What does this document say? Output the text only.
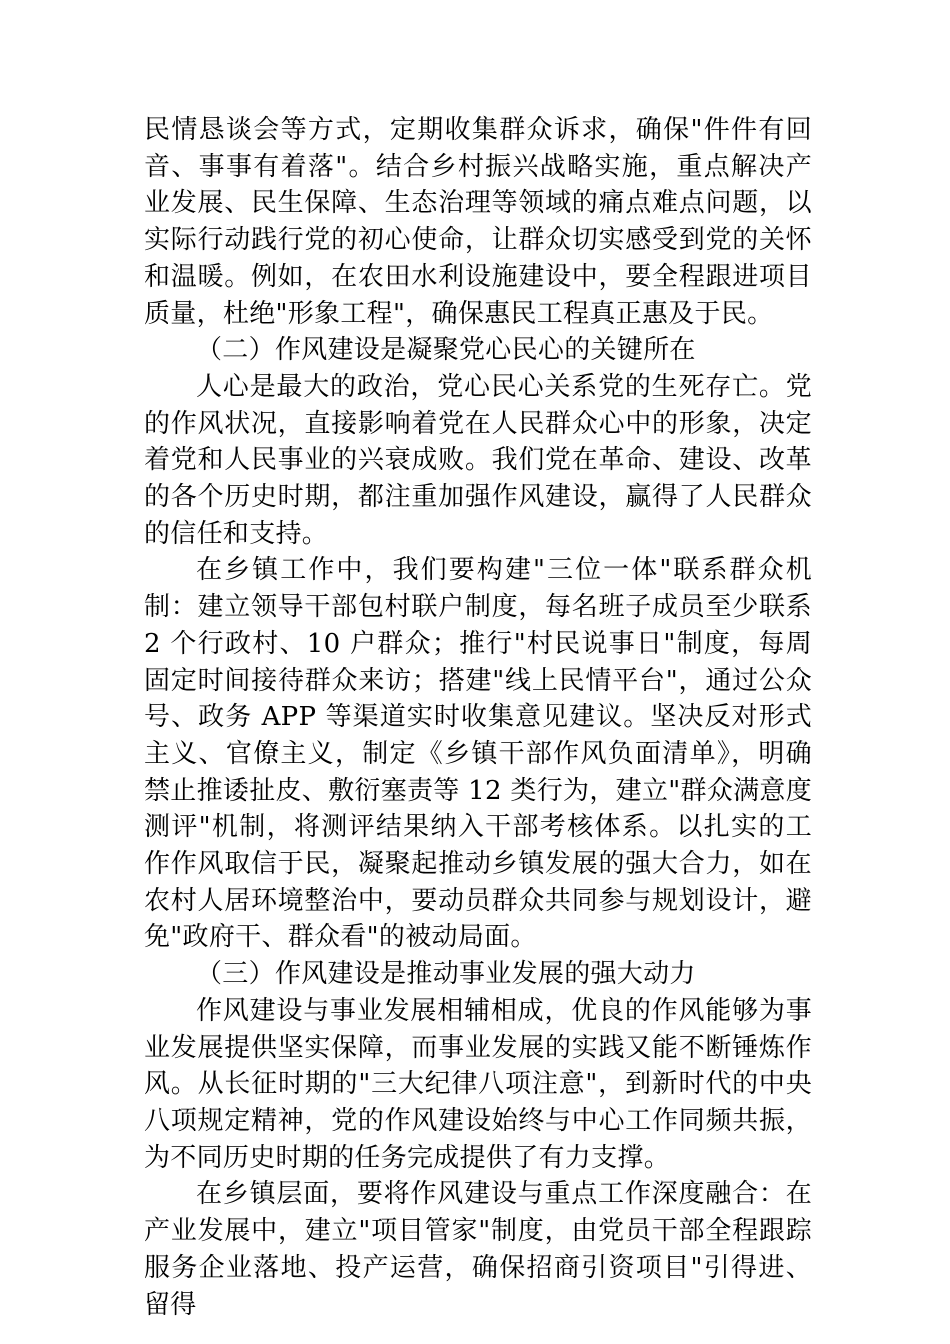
民情恳谈会等方式，定期收集群众诉求，确保"件件有回音、事事有着落"。结合乡村振兴战略实施，重点解决产业发展、民生保障、生态治理等领域的痛点难点问题，以实际行动践行党的初心使命，让群众切实感受到党的关怀和温暖。例如，在农田水利设施建设中，要全程跟进项目质量，杜绝"形象工程"，确保惠民工程真正惠及于民。

（二）作风建设是凝聚党心民心的关键所在

人心是最大的政治，党心民心关系党的生死存亡。党的作风状况，直接影响着党在人民群众心中的形象，决定着党和人民事业的兴衰成败。我们党在革命、建设、改革的各个历史时期，都注重加强作风建设，赢得了人民群众的信任和支持。

在乡镇工作中，我们要构建"三位一体"联系群众机制：建立领导干部包村联户制度，每名班子成员至少联系 2 个行政村、10 户群众；推行"村民说事日"制度，每周固定时间接待群众来访；搭建"线上民情平台"，通过公众号、政务 APP 等渠道实时收集意见建议。坚决反对形式主义、官僚主义，制定《乡镇干部作风负面清单》，明确禁止推诿扯皮、敷衍塞责等 12 类行为，建立"群众满意度测评"机制，将测评结果纳入干部考核体系。以扎实的工作作风取信于民，凝聚起推动乡镇发展的强大合力，如在农村人居环境整治中，要动员群众共同参与规划设计，避免"政府干、群众看"的被动局面。

（三）作风建设是推动事业发展的强大动力

作风建设与事业发展相辅相成，优良的作风能够为事业发展提供坚实保障，而事业发展的实践又能不断锤炼作风。从长征时期的"三大纪律八项注意"，到新时代的中央八项规定精神，党的作风建设始终与中心工作同频共振，为不同历史时期的任务完成提供了有力支撑。

在乡镇层面，要将作风建设与重点工作深度融合：在产业发展中，建立"项目管家"制度，由党员干部全程跟踪服务企业落地、投产运营，确保招商引资项目"引得进、留得
